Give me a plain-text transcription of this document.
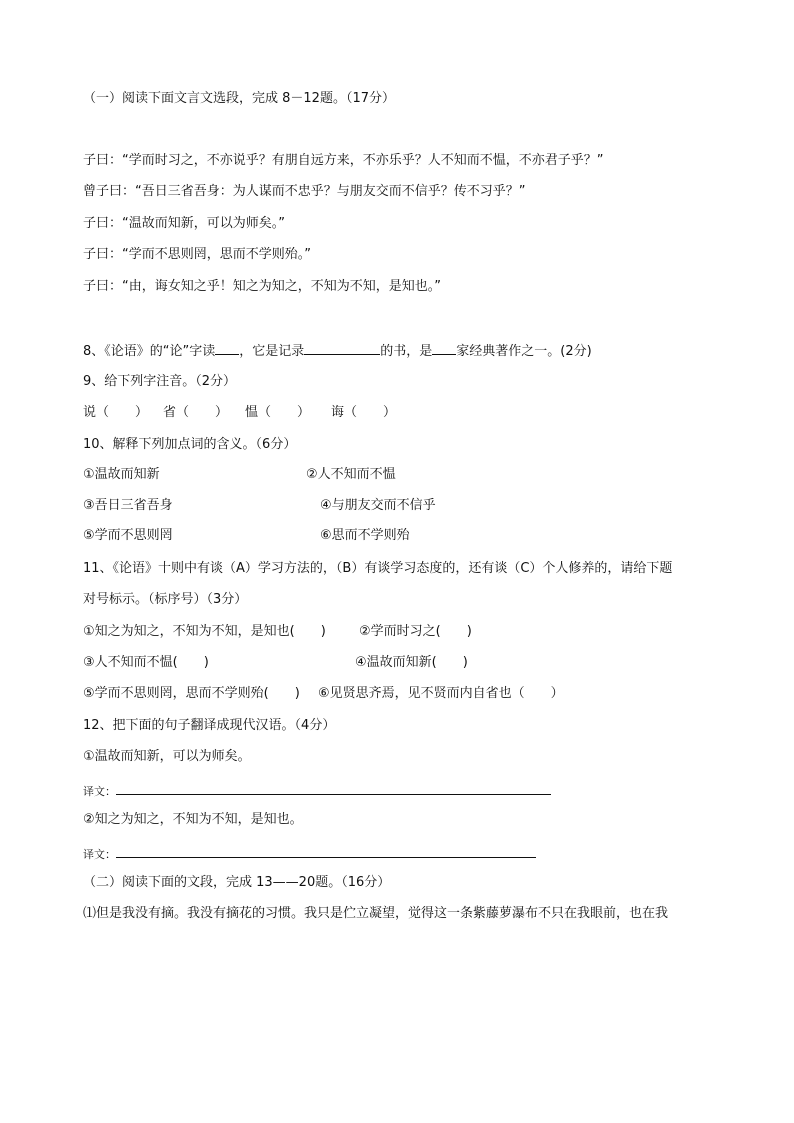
（一）阅读下面文言文选段，完成 8－12题。（17分）
子曰：“学而时习之，不亦说乎？有朋自远方来，不亦乐乎？人不知而不愠，不亦君子乎？”
曾子曰：“吾日三省吾身：为人谋而不忠乎？与朋友交而不信乎？传不习乎？”
子曰：“温故而知新，可以为师矣。”
子曰：“学而不思则罔，思而不学则殆。”
子曰：“由，诲女知之乎！知之为知之，不知为不知，是知也。”
8、《论语》的“论”字读 ，它是记录	的书，是 家经典著作之一。(2分)
9、给下列字注音。（2分）
说（　　） 省（　　） 愠（　　） 诲（　　）
10、解释下列加点词的含义。（6分）
①温故而知新	②人不知而不愠
③吾日三省吾身	④与朋友交而不信乎
⑤学而不思则罔	⑥思而不学则殆
11、《论语》十则中有谈（A）学习方法的，（B）有谈学习态度的，还有谈（C）个人修养的，请给下题
对号标示。（标序号）（3分）
①知之为知之，不知为不知，是知也(　　)	②学而时习之(　　)
③人不知而不愠(　　)	④温故而知新(　　)
⑤学而不思则罔，思而不学则殆(　　) ⑥见贤思齐焉，见不贤而内自省也（　　）
12、把下面的句子翻译成现代汉语。（4分）
①温故而知新，可以为师矣。
译文：
②知之为知之，不知为不知，是知也。
译文：
（二）阅读下面的文段，完成 13——20题。（16分）
⑴但是我没有摘。我没有摘花的习惯。我只是伫立凝望，觉得这一条紫藤萝瀑布不只在我眼前，也在我
